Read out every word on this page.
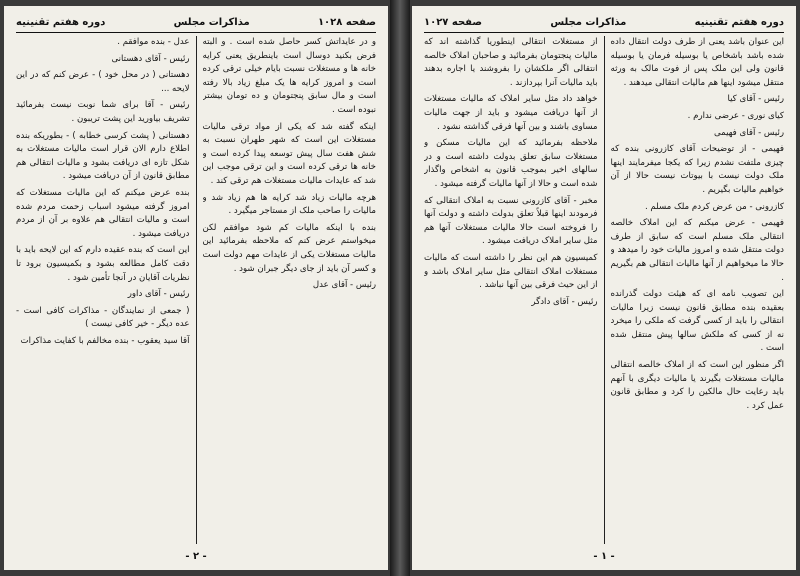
صفحه ۱۰۲۸
مذاکرات مجلس
دوره هفتم تقنینیه

و در عایداتش کسر حاصل شده است . و البته فرض بکنید دوسال است باینطریق یعنی کرایه خانه ها و مستغلات نسبت بایام خیلی ترقی کرده است و امروز کرایه ها یک مبلغ زیاد بالا رفته است و مال سابق پنجتومان و ده تومان بیشتر نبوده است .

اینکه گفته شد که یکی از مواد ترقی مالیات مستغلات این است که شهر طهران نسبت به شش هفت سال پیش توسعه پیدا کرده است و خانه ها ترقی کرده است و این ترقی موجب این شد که عایدات مالیات مستغلات هم ترقی کند .

هرچه مالیات زیاد شد کرایه ها هم زیاد شد و مالیات را صاحب ملک از مستاجر میگیرد .

بنده با اینکه مالیات کم شود موافقم لکن میخواستم عرض کنم که ملاحظه بفرمائید این مالیات مستغلات یکی از عایدات مهم دولت است و کسر آن باید از جای دیگر جبران شود .

رئیس - آقای عدل

عدل - بنده موافقم .

رئیس - آقای دهستانی

دهستانی ( در محل خود ) - عرض کنم که در این لایحه ...

رئیس - آقا برای شما نوبت نیست بفرمائید تشریف بیاورید این پشت تریبون .

دهستانی ( پشت کرسی خطابه ) - بطوریکه بنده اطلاع دارم الان قرار است مالیات مستغلات به شکل تازه ای دریافت بشود و مالیات انتقالی هم مطابق قانون از آن دریافت میشود .

بنده عرض میکنم که این مالیات مستغلات که امروز گرفته میشود اسباب زحمت مردم شده است و مالیات انتقالی هم علاوه بر آن از مردم دریافت میشود .

این است که بنده عقیده دارم که این لایحه باید با دقت کامل مطالعه بشود و بکمیسیون برود تا نظریات آقایان در آنجا تأمین شود .

رئیس - آقای داور

( جمعی از نمایندگان - مذاکرات کافی است - عده دیگر - خیر کافی نیست )

آقا سید یعقوب - بنده مخالفم با کفایت مذاکرات

- ۲ -
دوره هفتم تقنینیه
مذاکرات مجلس
صفحه ۱۰۲۷

این عنوان باشد یعنی از طرف دولت انتقال داده شده باشد باشخاص یا بوسیله فرمان یا بوسیله قانون ولی این ملک پس از فوت مالک به ورثه منتقل میشود اینها هم مالیات انتقالی میدهند .

رئیس - آقای کیا

کیای نوری - عرضی ندارم .

رئیس - آقای فهیمی

فهیمی - از توضیحات آقای کازرونی بنده که چیزی ملتفت نشدم زیرا که یکجا میفرمایند اینها ملک دولت نیست با بیوتات نیست حالا از آن خواهیم مالیات بگیریم .

کازرونی - من عرض کردم ملک مسلم .

فهیمی - عرض میکنم که این املاک خالصه انتقالی ملک مسلم است که سابق از طرف دولت منتقل شده و امروز مالیات خود را میدهد و حالا ما میخواهیم از آنها مالیات انتقالی هم بگیریم .

این تصویب نامه ای که هیئت دولت گذرانده بعقیده بنده مطابق قانون نیست زیرا مالیات انتقالی را باید از کسی گرفت که ملکی را میخرد نه از کسی که ملکش سالها پیش منتقل شده است .

اگر منظور این است که از املاک خالصه انتقالی مالیات مستغلات بگیرند یا مالیات دیگری با آنهم باید رعایت حال مالکین را کرد و مطابق قانون عمل کرد .

از مستغلات انتقالی اینطوریا گذاشته اند که مالیات پنجتومان بفرمائید و صاحبان املاک خالصه انتقالی اگر ملکشان را بفروشند یا اجاره بدهند باید مالیات آنرا بپردازند .

خواهد داد مثل سایر املاک که مالیات مستغلات از آنها دریافت میشود و باید از جهت مالیات مساوی باشند و بین آنها فرقی گذاشته نشود .

ملاحظه بفرمائید که این مالیات مسکن و مستغلات سابق تعلق بدولت داشته است و در سالهای اخیر بموجب قانون به اشخاص واگذار شده است و حالا از آنها مالیات گرفته میشود .

مخبر - آقای کازرونی نسبت به املاک انتقالی که فرمودند اینها قبلاً تعلق بدولت داشته و دولت آنها را فروخته است حالا مالیات مستغلات آنها هم مثل سایر املاک دریافت میشود .

کمیسیون هم این نظر را داشته است که مالیات مستغلات املاک انتقالی مثل سایر املاک باشد و از این حیث فرقی بین آنها نباشد .

رئیس - آقای دادگر

- ۱ -
